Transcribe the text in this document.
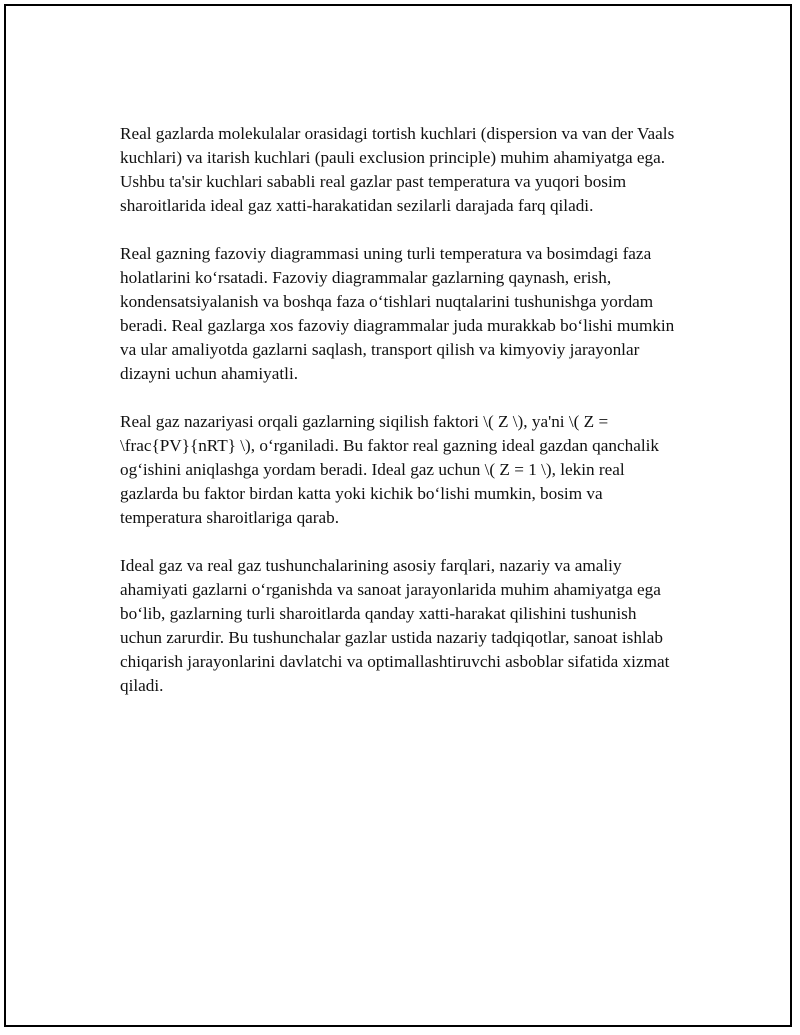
Real gazlarda molekulalar orasidagi tortish kuchlari (dispersion va van der Vaals kuchlari) va itarish kuchlari (pauli exclusion principle) muhim ahamiyatga ega. Ushbu ta'sir kuchlari sababli real gazlar past temperatura va yuqori bosim sharoitlarida ideal gaz xatti-harakatidan sezilarli darajada farq qiladi.

Real gazning fazoviy diagrammasi uning turli temperatura va bosimdagi faza holatlarini koʻrsatadi. Fazoviy diagrammalar gazlarning qaynash, erish, kondensatsiyalanish va boshqa faza oʻtishlari nuqtalarini tushunishga yordam beradi. Real gazlarga xos fazoviy diagrammalar juda murakkab boʻlishi mumkin va ular amaliyotda gazlarni saqlash, transport qilish va kimyoviy jarayonlar dizayni uchun ahamiyatli.

Real gaz nazariyasi orqali gazlarning siqilish faktori \( Z \), ya'ni \( Z = \frac{PV}{nRT} \), oʻrganiladi. Bu faktor real gazning ideal gazdan qanchalik ogʻishini aniqlashga yordam beradi. Ideal gaz uchun \( Z = 1 \), lekin real gazlarda bu faktor birdan katta yoki kichik boʻlishi mumkin, bosim va temperatura sharoitlariga qarab.

Ideal gaz va real gaz tushunchalarining asosiy farqlari, nazariy va amaliy ahamiyati gazlarni oʻrganishda va sanoat jarayonlarida muhim ahamiyatga ega boʻlib, gazlarning turli sharoitlarda qanday xatti-harakat qilishini tushunish uchun zarurdir. Bu tushunchalar gazlar ustida nazariy tadqiqotlar, sanoat ishlab chiqarish jarayonlarini davlatchi va optimallashtiruvchi asboblar sifatida xizmat qiladi.
